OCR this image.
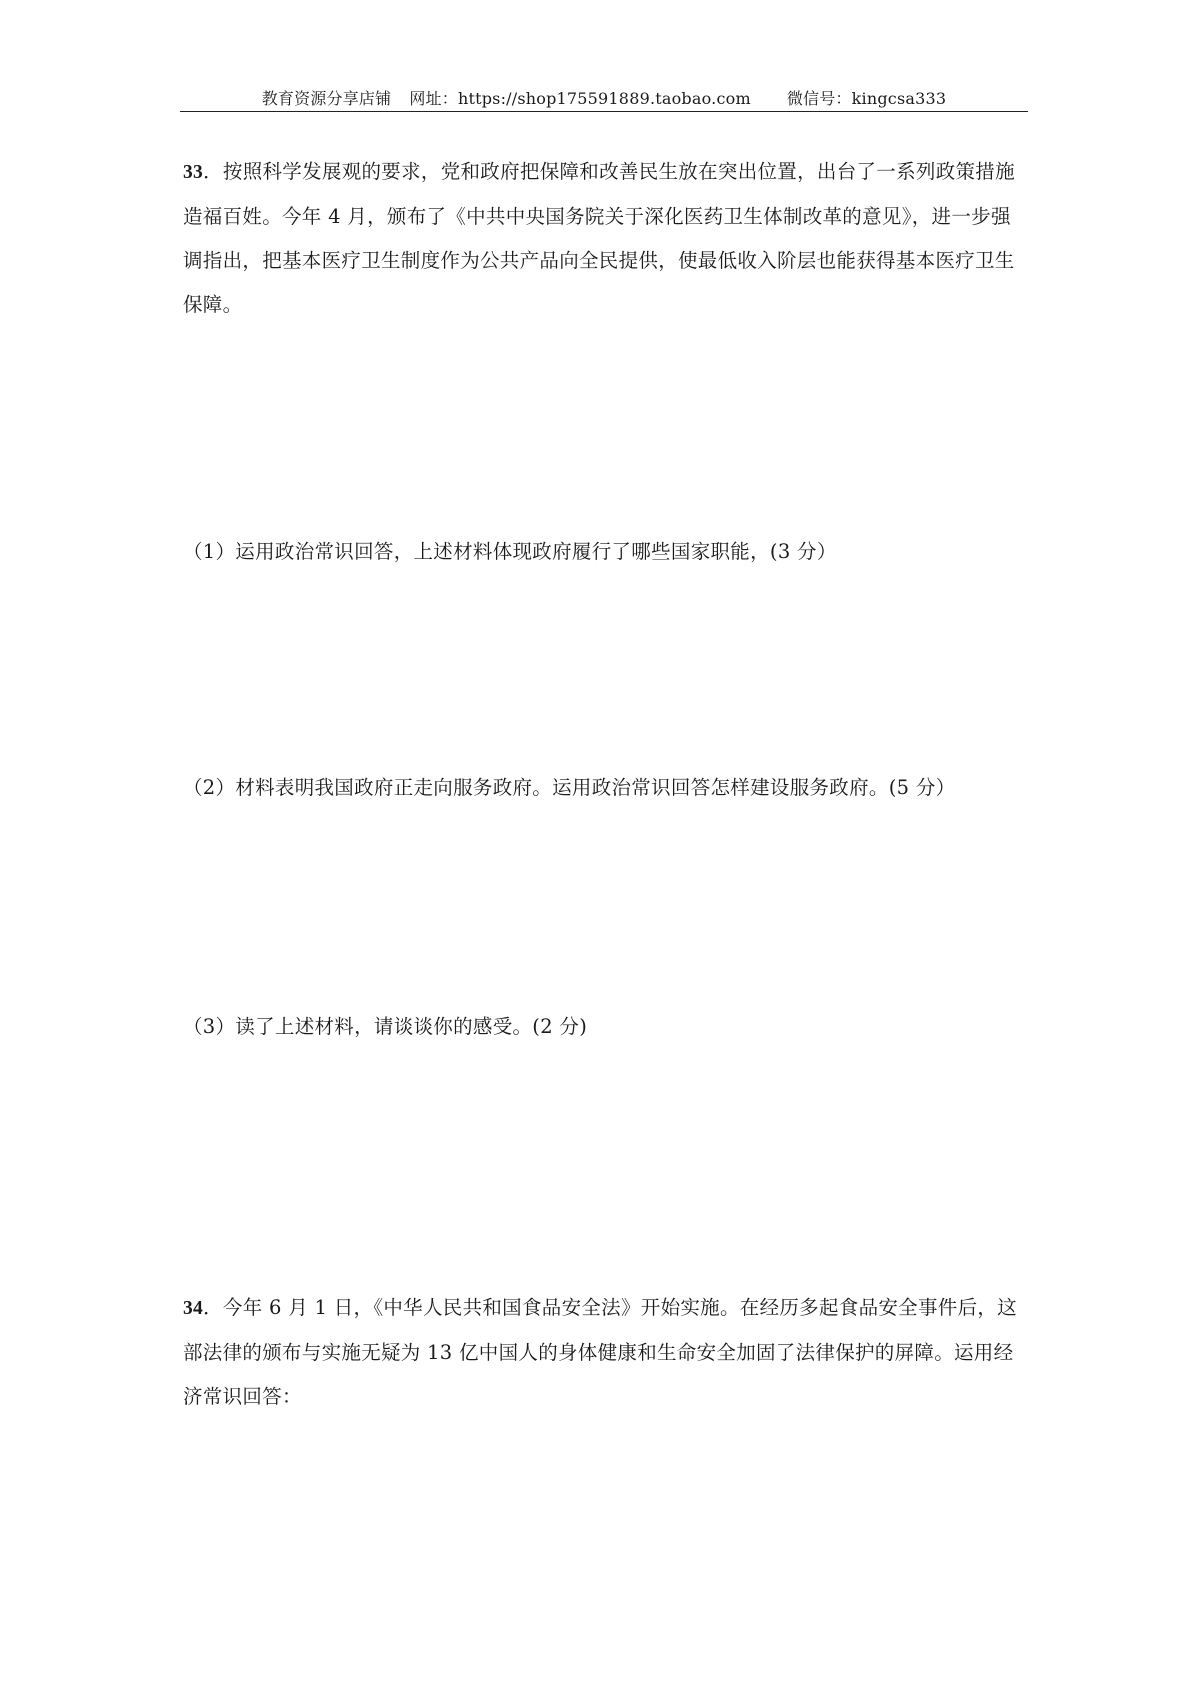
教育资源分享店铺 网址：https://shop175591889.taobao.com 微信号：kingcsa333
33．按照科学发展观的要求，党和政府把保障和改善民生放在突出位置，出台了一系列政策措施造福百姓。今年 4 月，颁布了《中共中央国务院关于深化医药卫生体制改革的意见》，进一步强调指出，把基本医疗卫生制度作为公共产品向全民提供，使最低收入阶层也能获得基本医疗卫生保障。
（1）运用政治常识回答，上述材料体现政府履行了哪些国家职能，(3 分）
（2）材料表明我国政府正走向服务政府。运用政治常识回答怎样建设服务政府。(5 分）
（3）读了上述材料，请谈谈你的感受。(2 分)
34．今年 6 月 1 日，《中华人民共和国食品安全法》开始实施。在经历多起食品安全事件后，这部法律的颁布与实施无疑为 13 亿中国人的身体健康和生命安全加固了法律保护的屏障。运用经济常识回答：
